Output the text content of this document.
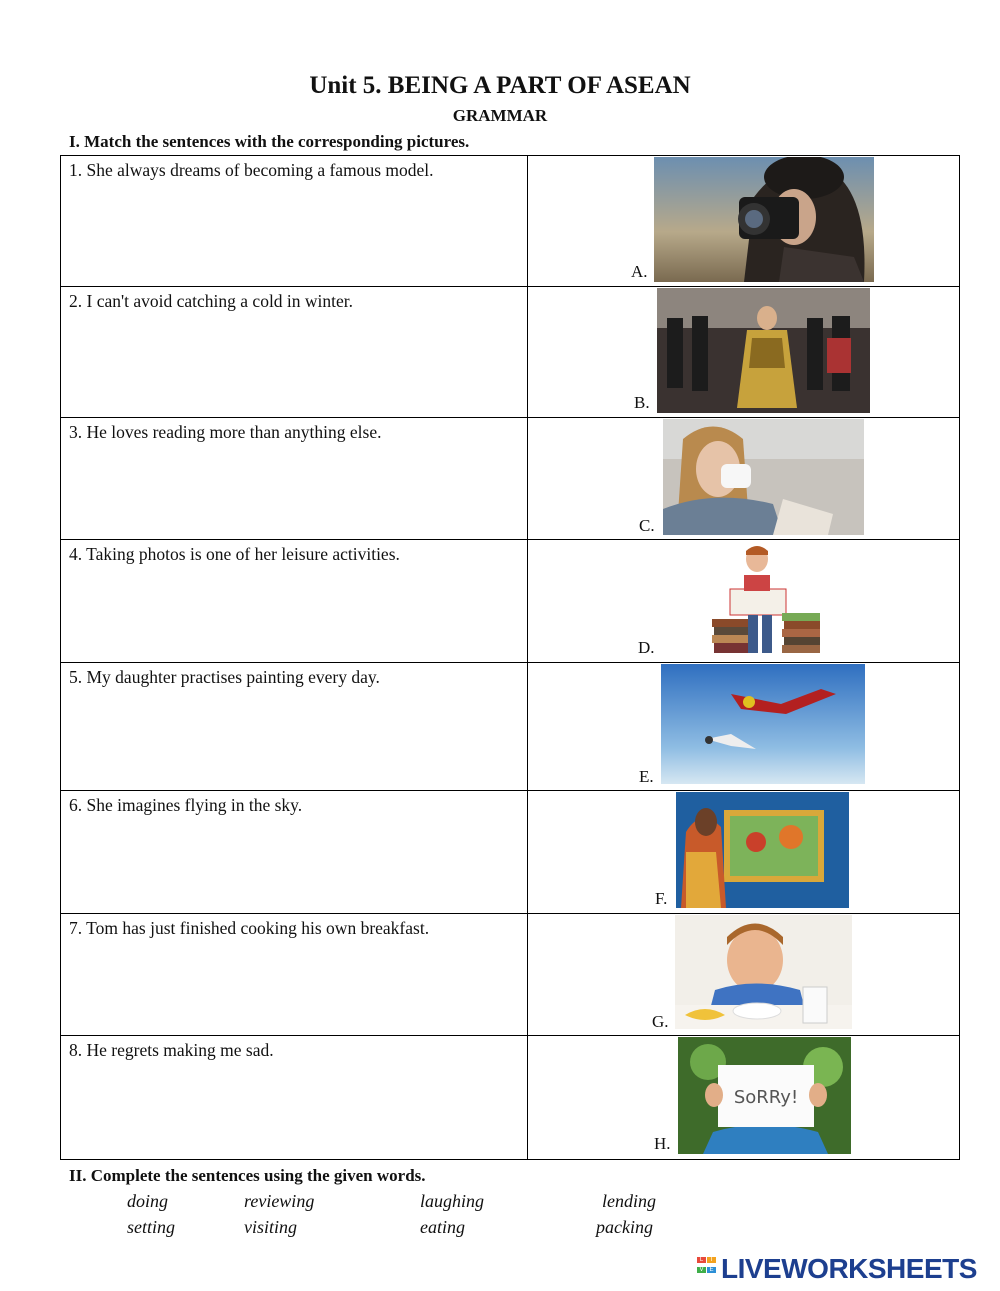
Unit 5. BEING A PART OF ASEAN
GRAMMAR
I. Match the sentences with the corresponding pictures.
1. She always dreams of becoming a famous model.	A.

2. I can't avoid catching a cold in winter.	B.

3. He loves reading more than anything else.	C.

4. Taking photos is one of her leisure activities.	D.

5. My daughter practises painting every day.	E.

6. She imagines flying in the sky.	F.

7. Tom has just finished cooking his own breakfast.	G.

8. He regrets making me sad.	H.
SoRRy!
II. Complete the sentences using the given words.
doing	reviewing	laughing	lending
setting	visiting	eating	packing
L	I
V E LIVEWORKSHEETS
